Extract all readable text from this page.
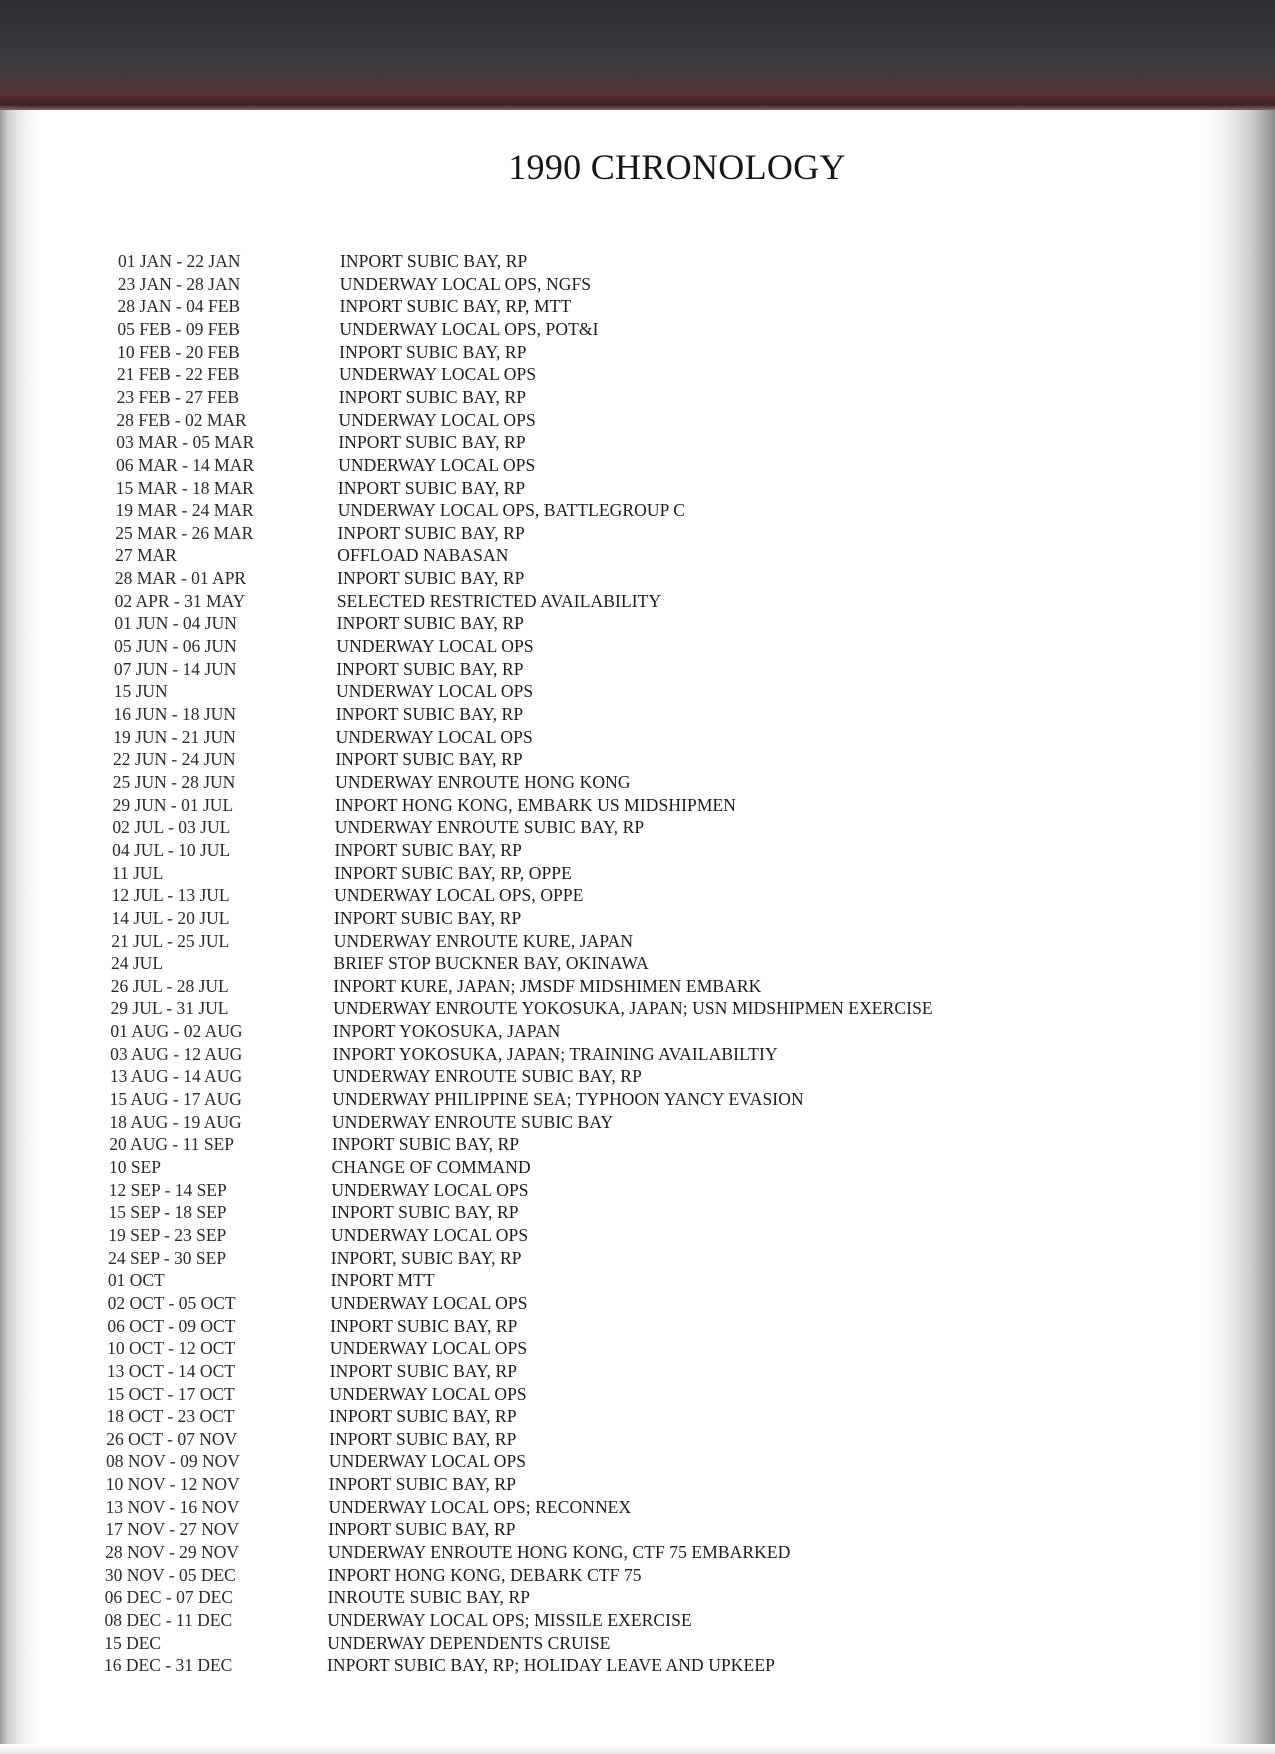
1990 CHRONOLOGY
01 JAN - 22 JAN	INPORT SUBIC BAY, RP
23 JAN - 28 JAN	UNDERWAY LOCAL OPS, NGFS
28 JAN - 04 FEB	INPORT SUBIC BAY, RP, MTT
05 FEB - 09 FEB	UNDERWAY LOCAL OPS, POT&I
10 FEB - 20 FEB	INPORT SUBIC BAY, RP
21 FEB - 22 FEB	UNDERWAY LOCAL OPS
23 FEB - 27 FEB	INPORT SUBIC BAY, RP
28 FEB - 02 MAR	UNDERWAY LOCAL OPS
03 MAR - 05 MAR	INPORT SUBIC BAY, RP
06 MAR - 14 MAR	UNDERWAY LOCAL OPS
15 MAR - 18 MAR	INPORT SUBIC BAY, RP
19 MAR - 24 MAR	UNDERWAY LOCAL OPS, BATTLEGROUP C
25 MAR - 26 MAR	INPORT SUBIC BAY, RP
27 MAR	OFFLOAD NABASAN
28 MAR - 01 APR	INPORT SUBIC BAY, RP
02 APR - 31 MAY	SELECTED RESTRICTED AVAILABILITY
01 JUN - 04 JUN	INPORT SUBIC BAY, RP
05 JUN - 06 JUN	UNDERWAY LOCAL OPS
07 JUN - 14 JUN	INPORT SUBIC BAY, RP
15 JUN	UNDERWAY LOCAL OPS
16 JUN - 18 JUN	INPORT SUBIC BAY, RP
19 JUN - 21 JUN	UNDERWAY LOCAL OPS
22 JUN - 24 JUN	INPORT SUBIC BAY, RP
25 JUN - 28 JUN	UNDERWAY ENROUTE HONG KONG
29 JUN - 01 JUL	INPORT HONG KONG, EMBARK US MIDSHIPMEN
02 JUL - 03 JUL	UNDERWAY ENROUTE SUBIC BAY, RP
04 JUL - 10 JUL	INPORT SUBIC BAY, RP
11 JUL	INPORT SUBIC BAY, RP, OPPE
12 JUL - 13 JUL	UNDERWAY LOCAL OPS, OPPE
14 JUL - 20 JUL	INPORT SUBIC BAY, RP
21 JUL - 25 JUL	UNDERWAY ENROUTE KURE, JAPAN
24 JUL	BRIEF STOP BUCKNER BAY, OKINAWA
26 JUL - 28 JUL	INPORT KURE, JAPAN; JMSDF MIDSHIMEN EMBARK
29 JUL - 31 JUL	UNDERWAY ENROUTE YOKOSUKA, JAPAN; USN MIDSHIPMEN EXERCISE
01 AUG - 02 AUG	INPORT YOKOSUKA, JAPAN
03 AUG - 12 AUG	INPORT YOKOSUKA, JAPAN; TRAINING AVAILABILTIY
13 AUG - 14 AUG	UNDERWAY ENROUTE SUBIC BAY, RP
15 AUG - 17 AUG	UNDERWAY PHILIPPINE SEA; TYPHOON YANCY EVASION
18 AUG - 19 AUG	UNDERWAY ENROUTE SUBIC BAY
20 AUG - 11 SEP	INPORT SUBIC BAY, RP
10 SEP	CHANGE OF COMMAND
12 SEP - 14 SEP	UNDERWAY LOCAL OPS
15 SEP - 18 SEP	INPORT SUBIC BAY, RP
19 SEP - 23 SEP	UNDERWAY LOCAL OPS
24 SEP - 30 SEP	INPORT, SUBIC BAY, RP
01 OCT	INPORT MTT
02 OCT - 05 OCT	UNDERWAY LOCAL OPS
06 OCT - 09 OCT	INPORT SUBIC BAY, RP
10 OCT - 12 OCT	UNDERWAY LOCAL OPS
13 OCT - 14 OCT	INPORT SUBIC BAY, RP
15 OCT - 17 OCT	UNDERWAY LOCAL OPS
18 OCT - 23 OCT	INPORT SUBIC BAY, RP
26 OCT - 07 NOV	INPORT SUBIC BAY, RP
08 NOV - 09 NOV	UNDERWAY LOCAL OPS
10 NOV - 12 NOV	INPORT SUBIC BAY, RP
13 NOV - 16 NOV	UNDERWAY LOCAL OPS; RECONNEX
17 NOV - 27 NOV	INPORT SUBIC BAY, RP
28 NOV - 29 NOV	UNDERWAY ENROUTE HONG KONG, CTF 75 EMBARKED
30 NOV - 05 DEC	INPORT HONG KONG, DEBARK CTF 75
06 DEC - 07 DEC	INROUTE SUBIC BAY, RP
08 DEC - 11 DEC	UNDERWAY LOCAL OPS; MISSILE EXERCISE
15 DEC	UNDERWAY DEPENDENTS CRUISE
16 DEC - 31 DEC	INPORT SUBIC BAY, RP; HOLIDAY LEAVE AND UPKEEP
